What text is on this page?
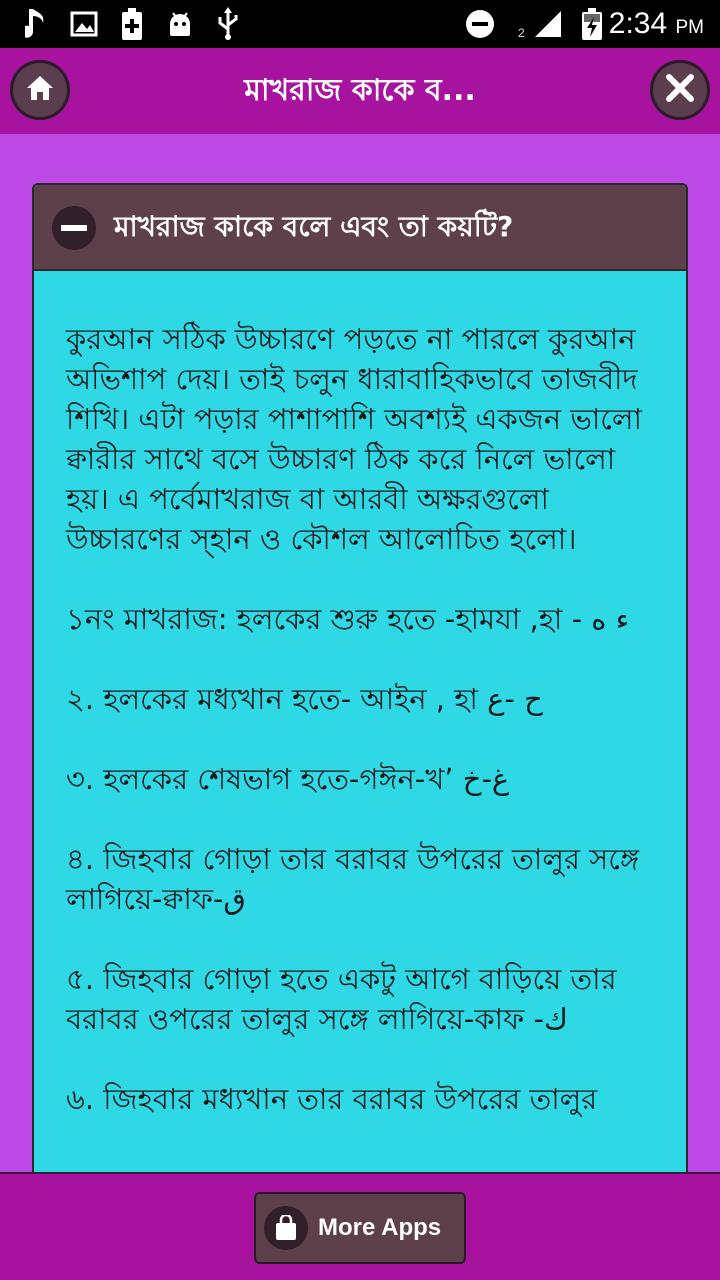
2	2:34 PM
মাখরাজ কাকে ব...
মাখরাজ কাকে বলে এবং তা কয়টি?

কুরআন সঠিক উচ্চারণে পড়তে না পারলে কুরআন অভিশাপ দেয়। তাই চলুন ধারাবাহিকভাবে তাজবীদ শিখি। এটা পড়ার পাশাপাশি অবশ্যই একজন ভালো ক্বারীর সাথে বসে উচ্চারণ ঠিক করে নিলে ভালো হয়। এ পর্বেমাখরাজ বা আরবী অক্ষরগুলো উচ্চারণের স্হান ও কৌশল আলোচিত হলো।

১নং মাখরাজ: হলকের শুরু হতে -হামযা ,হা - ء ه

২. হলকের মধ্যখান হতে- আইন , হা ح -ع

৩. হলকের শেষভাগ হতে-গঈন-খ’ غ-خ

৪. জিহবার গোড়া তার বরাবর উপরের তালুর সঙ্গে লাগিয়ে-ক্বাফ-ق

৫. জিহবার গোড়া হতে একটু আগে বাড়িয়ে তার বরাবর ওপরের তালুর সঙ্গে লাগিয়ে-কাফ -ك

৬. জিহবার মধ্যখান তার বরাবর উপরের তালুর

More Apps
